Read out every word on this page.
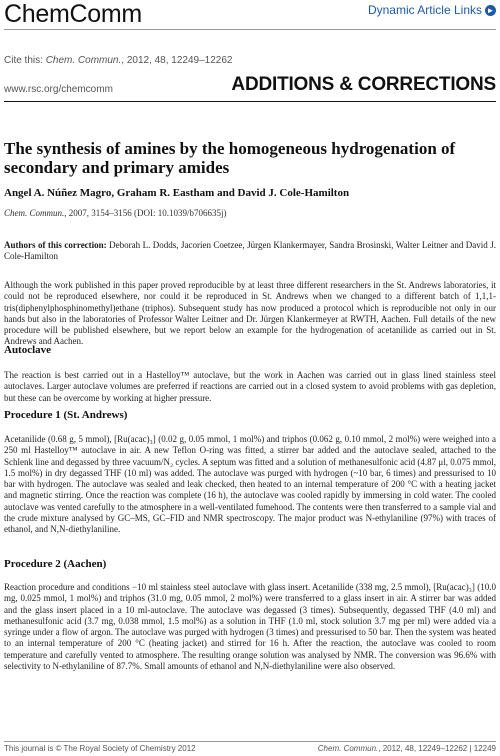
ChemComm	Dynamic Article Links ►
Cite this: Chem. Commun., 2012, 48, 12249–12262
www.rsc.org/chemcomm	ADDITIONS & CORRECTIONS
The synthesis of amines by the homogeneous hydrogenation of secondary and primary amides
Angel A. Núñez Magro, Graham R. Eastham and David J. Cole-Hamilton
Chem. Commun., 2007, 3154–3156 (DOI: 10.1039/b706635j)
Authors of this correction: Deborah L. Dodds, Jacorien Coetzee, Jürgen Klankermayer, Sandra Brosinski, Walter Leitner and David J. Cole-Hamilton
Although the work published in this paper proved reproducible by at least three different researchers in the St. Andrews laboratories, it could not be reproduced elsewhere, nor could it be reproduced in St. Andrews when we changed to a different batch of 1,1,1-tris(diphenylphosphinomethyl)ethane (triphos). Subsequent study has now produced a protocol which is reproducible not only in our hands but also in the laboratories of Professor Walter Leitner and Dr. Jürgen Klankermeyer at RWTH, Aachen. Full details of the new procedure will be published elsewhere, but we report below an example for the hydrogenation of acetanilide as carried out in St. Andrews and Aachen.
Autoclave
The reaction is best carried out in a Hastelloy™ autoclave, but the work in Aachen was carried out in glass lined stainless steel autoclaves. Larger autoclave volumes are preferred if reactions are carried out in a closed system to avoid problems with gas depletion, but these can be overcome by working at higher pressure.
Procedure 1 (St. Andrews)
Acetanilide (0.68 g, 5 mmol), [Ru(acac)₃] (0.02 g, 0.05 mmol, 1 mol%) and triphos (0.062 g, 0.10 mmol, 2 mol%) were weighed into a 250 ml Hastelloy™ autoclave in air. A new Teflon O-ring was fitted, a stirrer bar added and the autoclave sealed, attached to the Schlenk line and degassed by three vacuum/N₂ cycles. A septum was fitted and a solution of methanesulfonic acid (4.87 μl, 0.075 mmol, 1.5 mol%) in dry degassed THF (10 ml) was added. The autoclave was purged with hydrogen (~10 bar, 6 times) and pressurised to 10 bar with hydrogen. The autoclave was sealed and leak checked, then heated to an internal temperature of 200 °C with a heating jacket and magnetic stirring. Once the reaction was complete (16 h), the autoclave was cooled rapidly by immersing in cold water. The cooled autoclave was vented carefully to the atmosphere in a well-ventilated fumehood. The contents were then transferred to a sample vial and the crude mixture analysed by GC–MS, GC–FID and NMR spectroscopy. The major product was N-ethylaniline (97%) with traces of ethanol, and N,N-diethylaniline.
Procedure 2 (Aachen)
Reaction procedure and conditions −10 ml stainless steel autoclave with glass insert. Acetanilide (338 mg, 2.5 mmol), [Ru(acac)₃] (10.0 mg, 0.025 mmol, 1 mol%) and triphos (31.0 mg, 0.05 mmol, 2 mol%) were transferred to a glass insert in air. A stirrer bar was added and the glass insert placed in a 10 ml-autoclave. The autoclave was degassed (3 times). Subsequently, degassed THF (4.0 ml) and methanesulfonic acid (3.7 mg, 0.038 mmol, 1.5 mol%) as a solution in THF (1.0 ml, stock solution 3.7 mg per ml) were added via a syringe under a flow of argon. The autoclave was purged with hydrogen (3 times) and pressurised to 50 bar. Then the system was heated to an internal temperature of 200 °C (heating jacket) and stirred for 16 h. After the reaction, the autoclave was cooled to room temperature and carefully vented to atmosphere. The resulting orange solution was analysed by NMR. The conversion was 96.6% with selectivity to N-ethylaniline of 87.7%. Small amounts of ethanol and N,N-diethylaniline were also observed.
This journal is © The Royal Society of Chemistry 2012	Chem. Commun., 2012, 48, 12249–12262 | 12249
